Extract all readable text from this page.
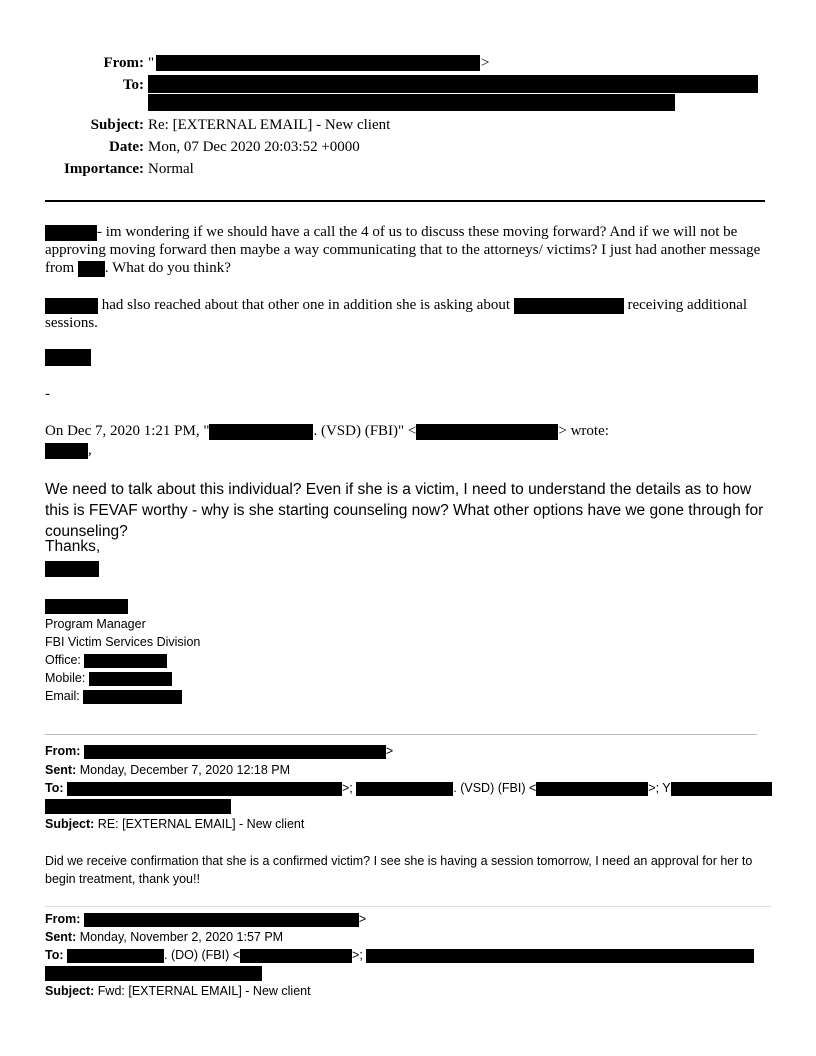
From: "	>
To:
Subject: Re: [EXTERNAL EMAIL] - New client
Date: Mon, 07 Dec 2020 20:03:52 +0000
Importance: Normal
- im wondering if we should have a call the 4 of us to discuss these moving forward? And if we will not be approving moving forward then maybe a way communicating that to the attorneys/ victims? I just had another message from . What do you think?
had slso reached about that other one in addition she is asking about	receiving additional sessions.
-
On Dec 7, 2020 1:21 PM, "	. (VSD) (FBI)" <	> wrote:
,
We need to talk about this individual? Even if she is a victim, I need to understand the details as to how this is FEVAF worthy - why is she starting counseling now? What other options have we gone through for counseling?
Thanks,
Program Manager
FBI Victim Services Division
Office:
Mobile:
Email:
From:	>
Sent: Monday, December 7, 2020 12:18 PM
To:	>;	. (VSD) (FBI) <	>; Y
Subject: RE: [EXTERNAL EMAIL] - New client
Did we receive confirmation that she is a confirmed victim? I see she is having a session tomorrow, I need an approval for her to begin treatment, thank you!!
From:	>
Sent: Monday, November 2, 2020 1:57 PM
To:	. (DO) (FBI) <	>;
Subject: Fwd: [EXTERNAL EMAIL] - New client
